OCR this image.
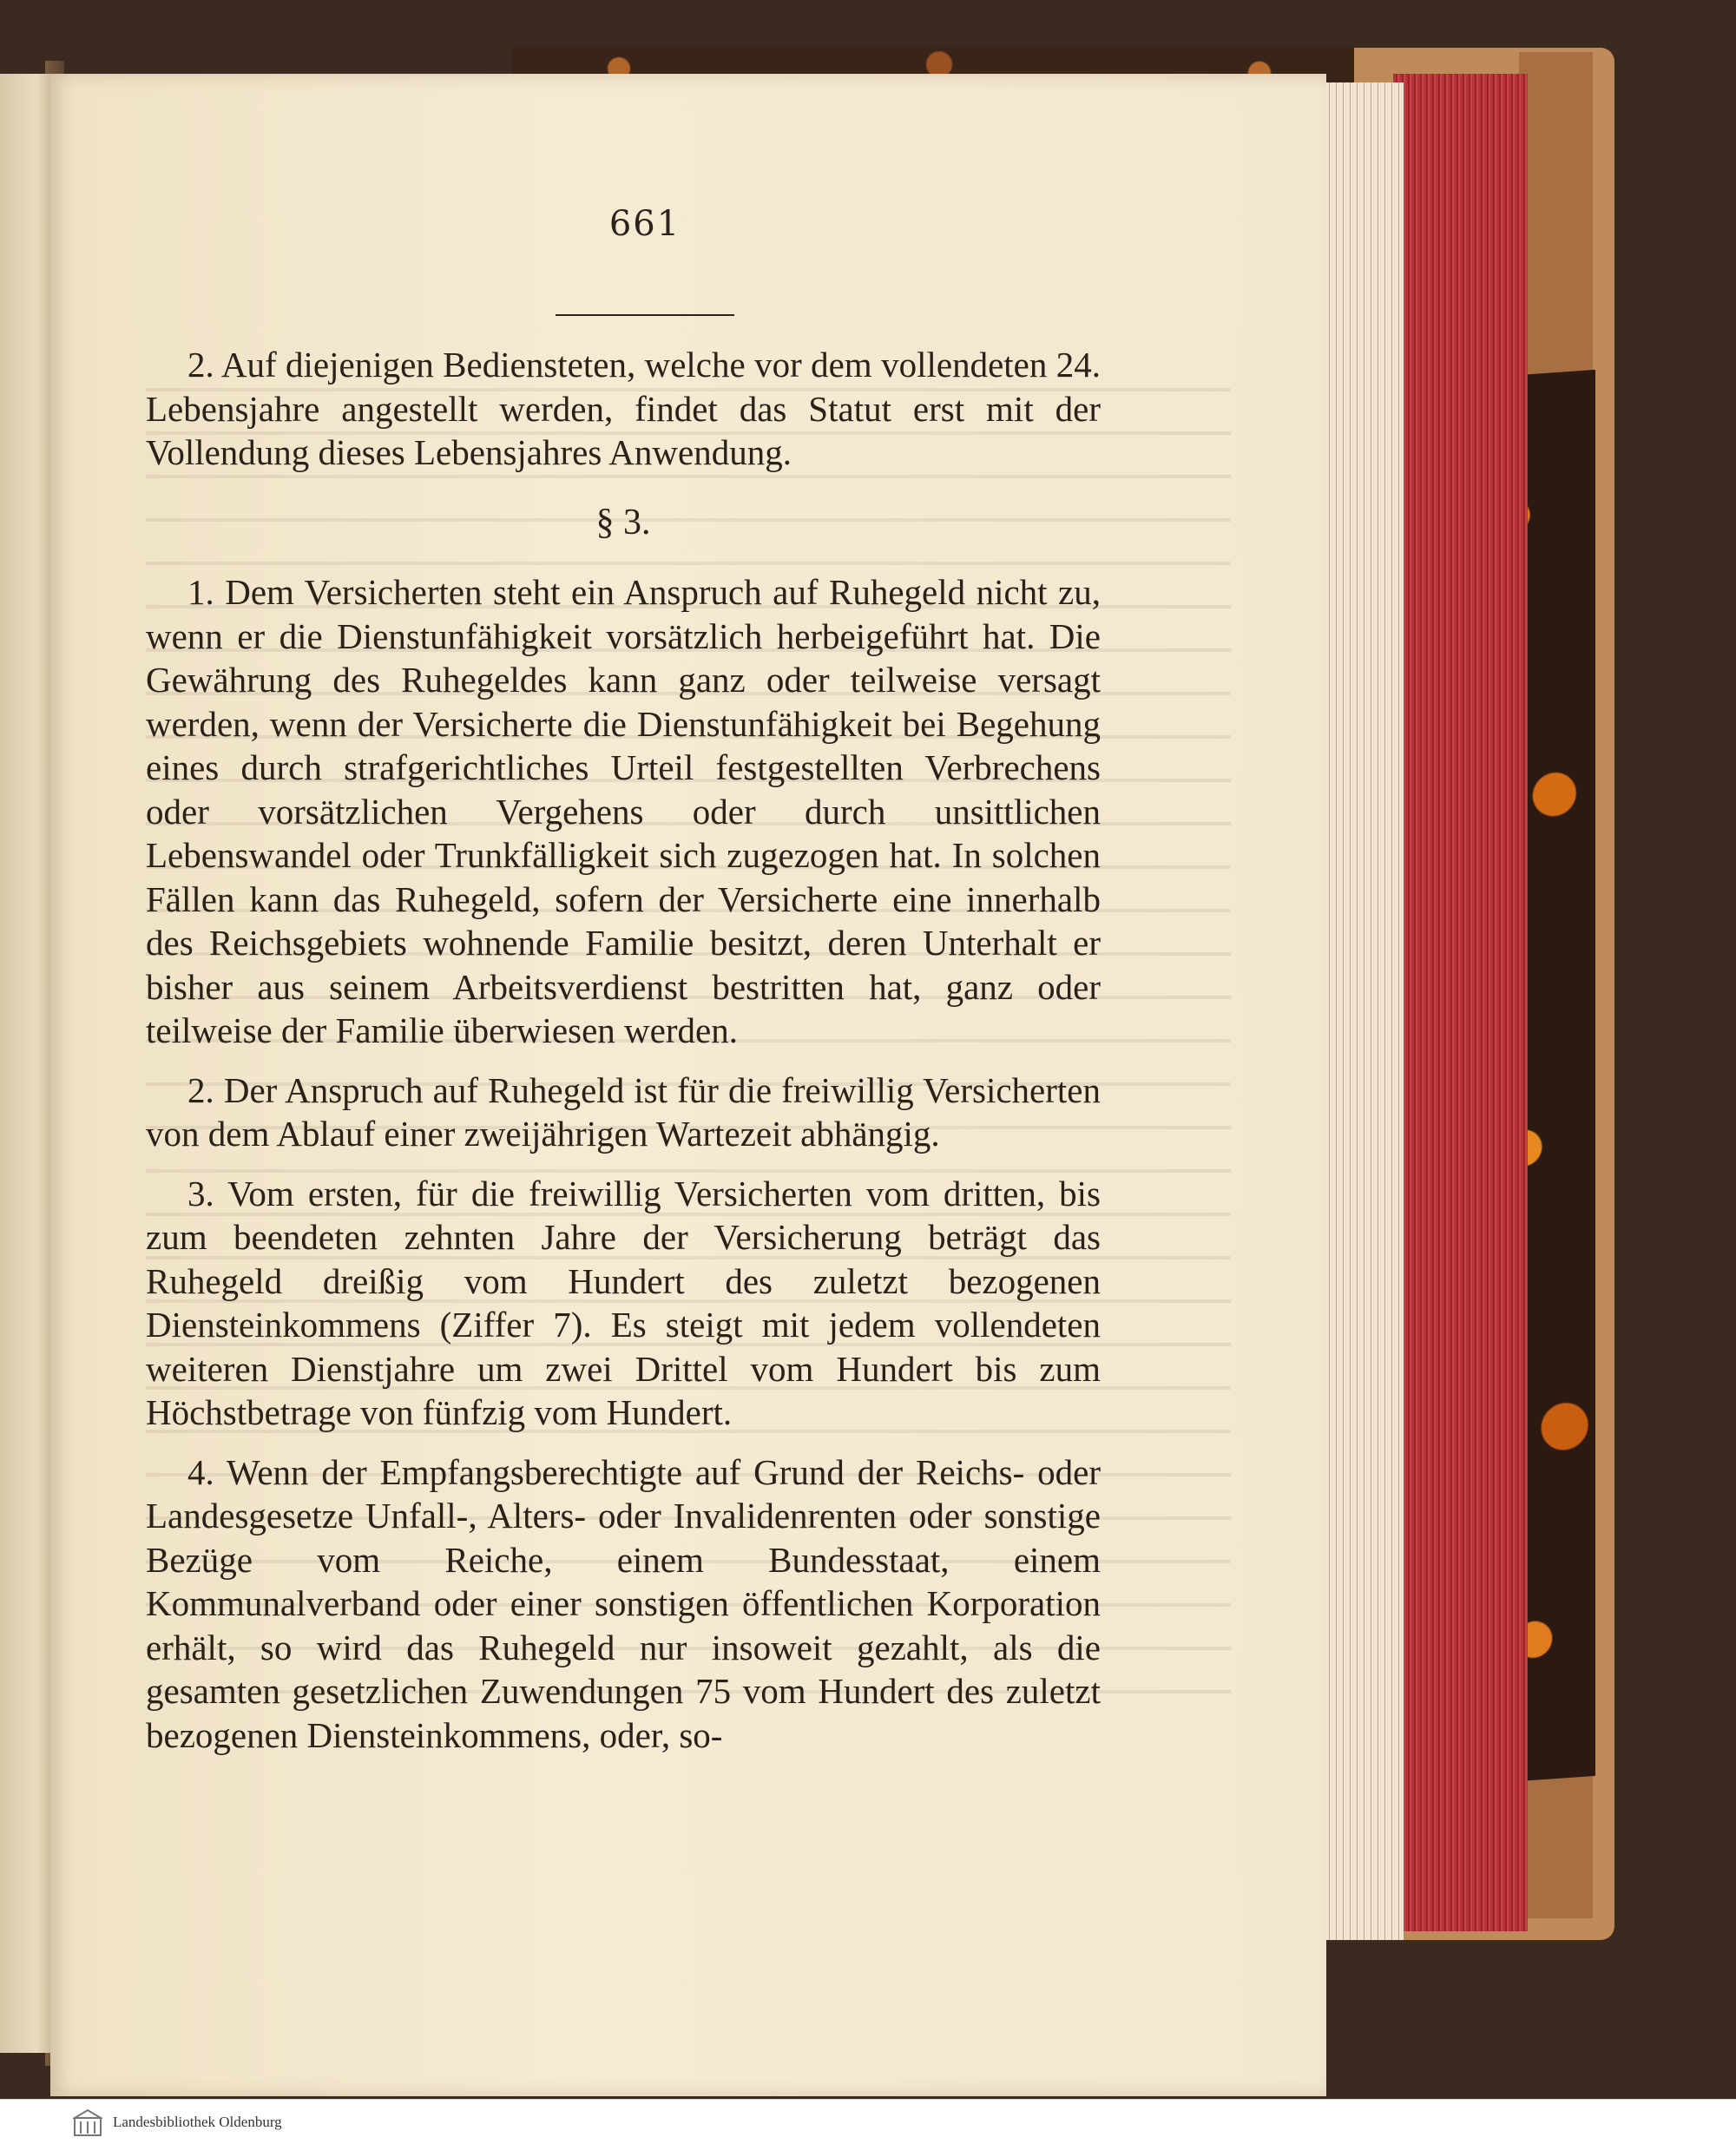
661

2. Auf diejenigen Bediensteten, welche vor dem vollendeten 24. Lebensjahre angestellt werden, findet das Statut erst mit der Vollendung dieses Lebensjahres Anwendung.

§ 3.

1. Dem Versicherten steht ein Anspruch auf Ruhegeld nicht zu, wenn er die Dienstunfähigkeit vorsätzlich herbeigeführt hat. Die Gewährung des Ruhegeldes kann ganz oder teilweise versagt werden, wenn der Versicherte die Dienstunfähigkeit bei Begehung eines durch strafgerichtliches Urteil festgestellten Verbrechens oder vorsätzlichen Vergehens oder durch unsittlichen Lebenswandel oder Trunkfälligkeit sich zugezogen hat. In solchen Fällen kann das Ruhegeld, sofern der Versicherte eine innerhalb des Reichsgebiets wohnende Familie besitzt, deren Unterhalt er bisher aus seinem Arbeitsverdienst bestritten hat, ganz oder teilweise der Familie überwiesen werden.

2. Der Anspruch auf Ruhegeld ist für die freiwillig Versicherten von dem Ablauf einer zweijährigen Wartezeit abhängig.

3. Vom ersten, für die freiwillig Versicherten vom dritten, bis zum beendeten zehnten Jahre der Versicherung beträgt das Ruhegeld dreißig vom Hundert des zuletzt bezogenen Diensteinkommens (Ziffer 7). Es steigt mit jedem vollendeten weiteren Dienstjahre um zwei Drittel vom Hundert bis zum Höchstbetrage von fünfzig vom Hundert.

4. Wenn der Empfangsberechtigte auf Grund der Reichs- oder Landesgesetze Unfall-, Alters- oder Invalidenrenten oder sonstige Bezüge vom Reiche, einem Bundesstaat, einem Kommunalverband oder einer sonstigen öffentlichen Korporation erhält, so wird das Ruhegeld nur insoweit gezahlt, als die gesamten gesetzlichen Zuwendungen 75 vom Hundert des zuletzt bezogenen Diensteinkommens, oder, so-

Landesbibliothek Oldenburg
